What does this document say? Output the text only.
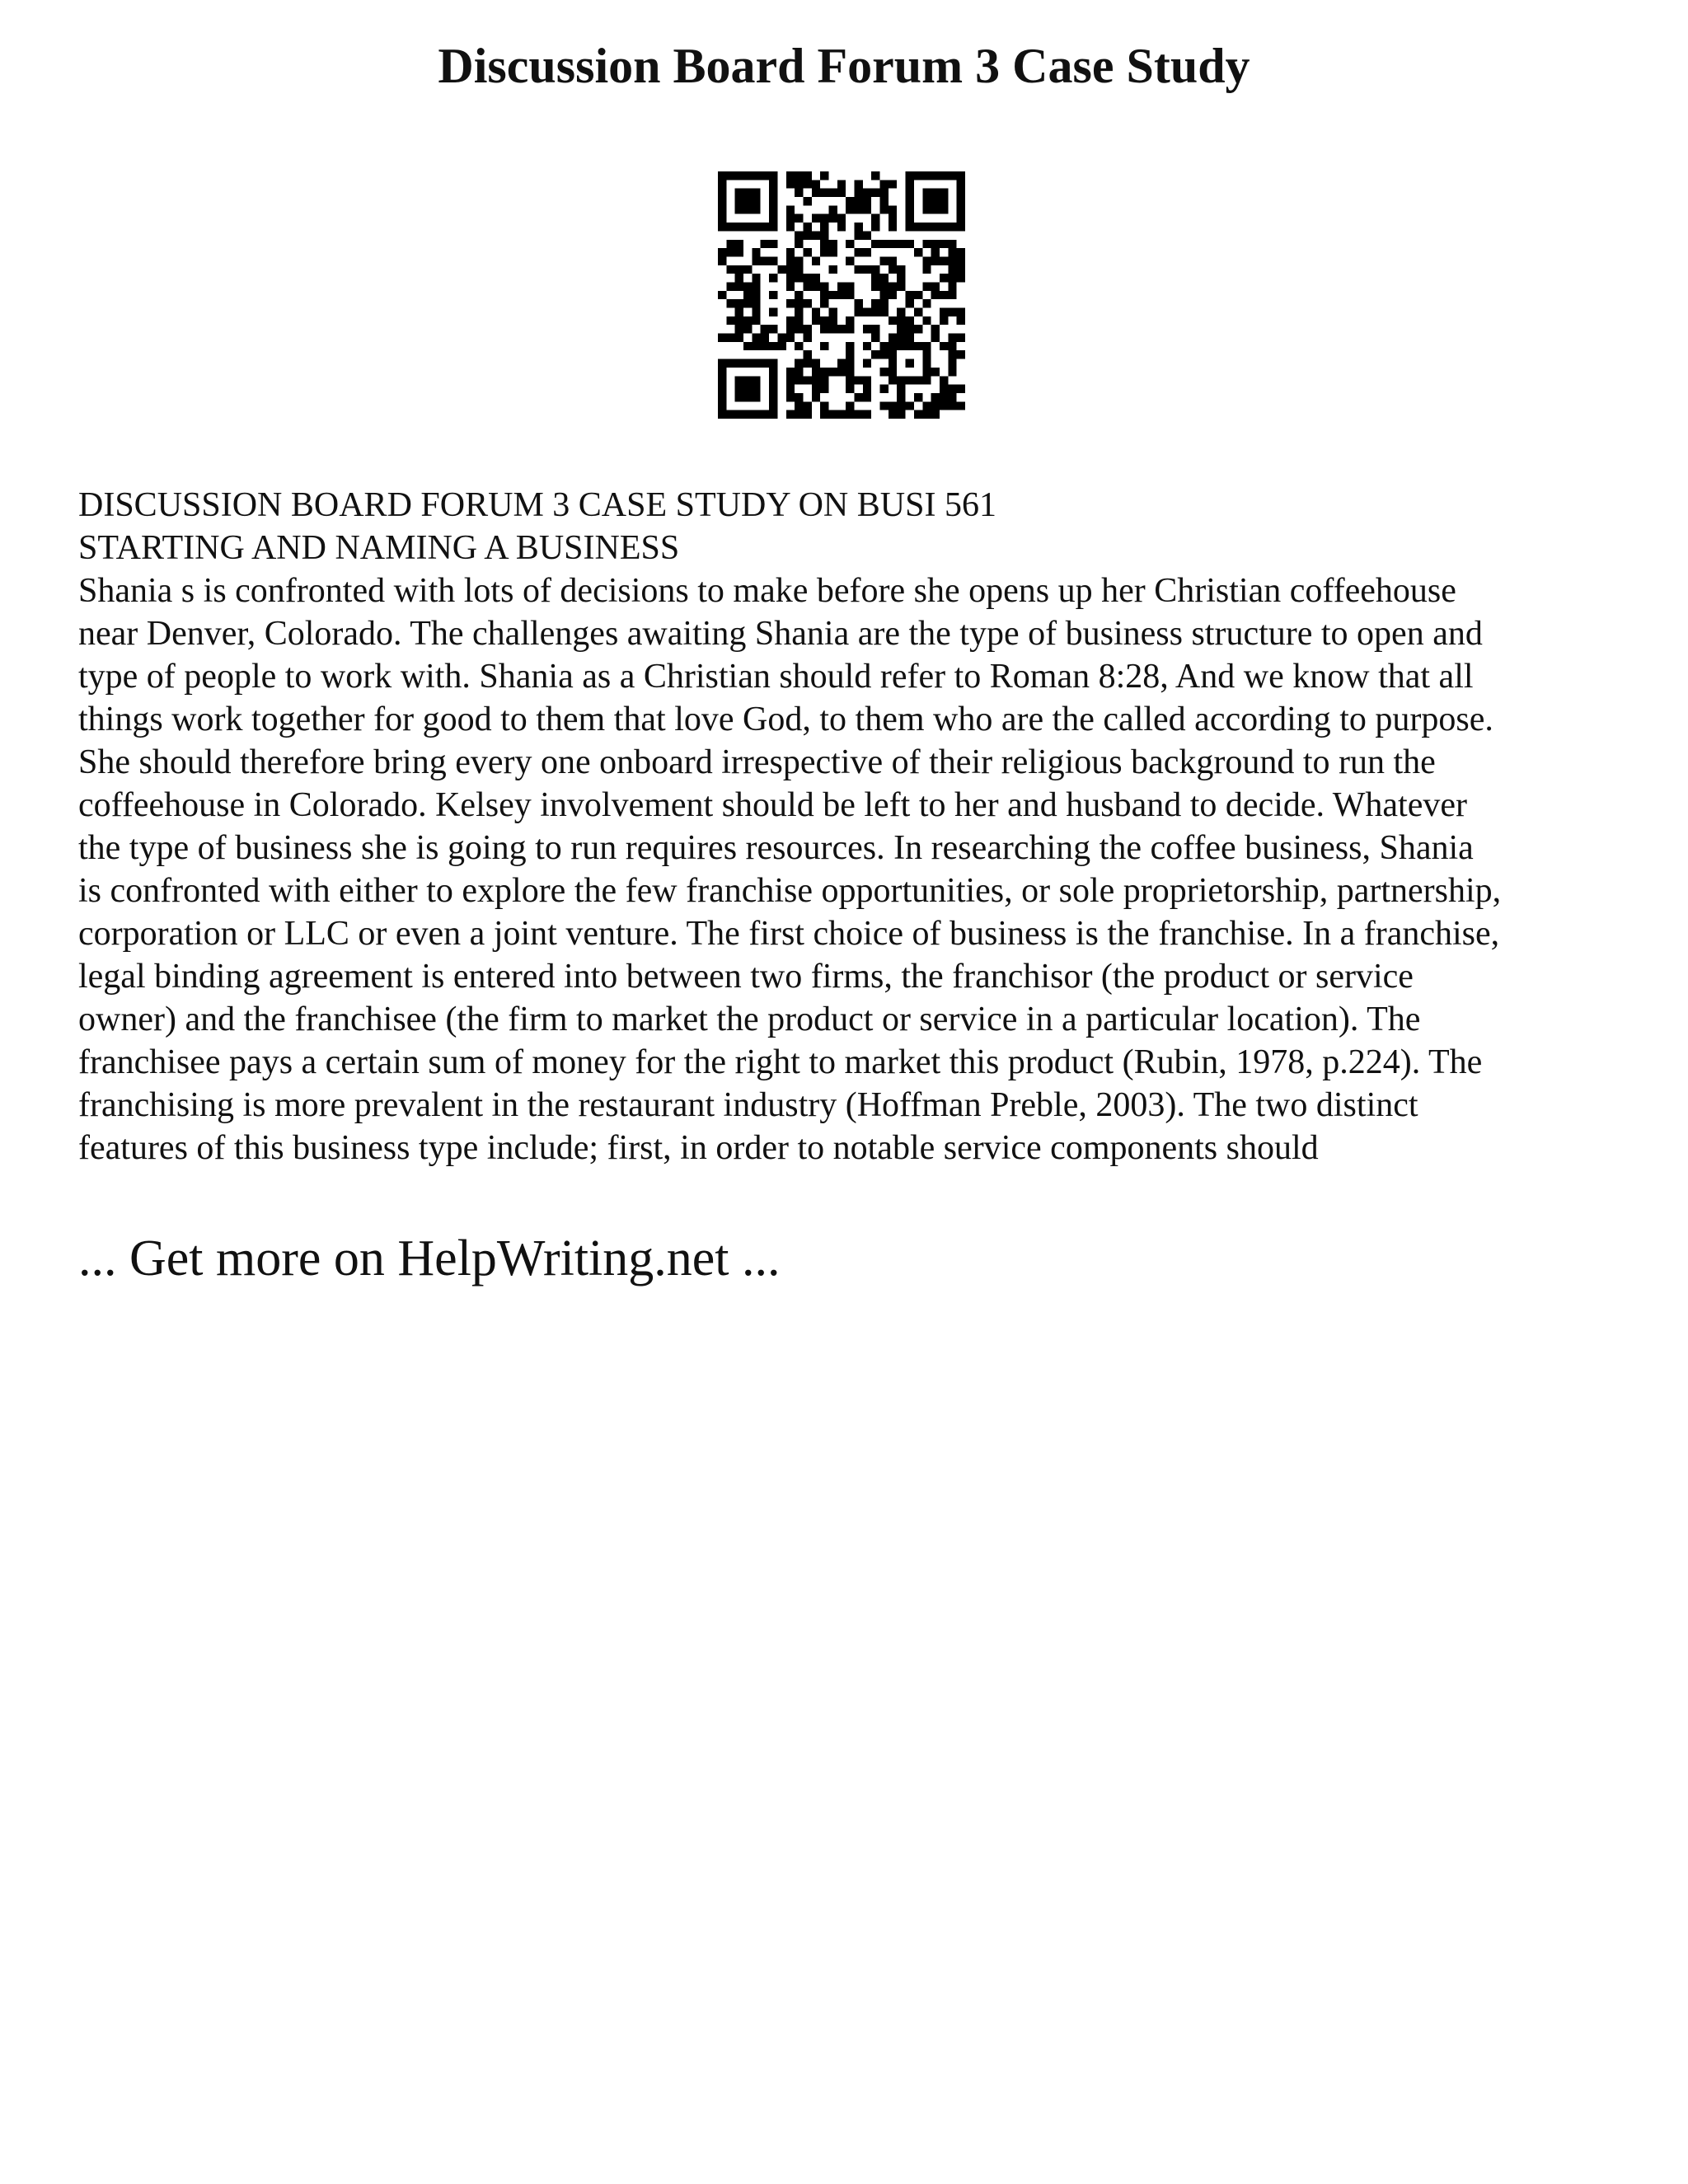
Discussion Board Forum 3 Case Study
DISCUSSION BOARD FORUM 3 CASE STUDY ON BUSI 561
STARTING AND NAMING A BUSINESS
Shania s is confronted with lots of decisions to make before she opens up her Christian coffeehouse
near Denver, Colorado. The challenges awaiting Shania are the type of business structure to open and
type of people to work with. Shania as a Christian should refer to Roman 8:28, And we know that all
things work together for good to them that love God, to them who are the called according to purpose.
She should therefore bring every one onboard irrespective of their religious background to run the
coffeehouse in Colorado. Kelsey involvement should be left to her and husband to decide. Whatever
the type of business she is going to run requires resources. In researching the coffee business, Shania
is confronted with either to explore the few franchise opportunities, or sole proprietorship, partnership,
corporation or LLC or even a joint venture. The first choice of business is the franchise. In a franchise,
legal binding agreement is entered into between two firms, the franchisor (the product or service
owner) and the franchisee (the firm to market the product or service in a particular location). The
franchisee pays a certain sum of money for the right to market this product (Rubin, 1978, p.224). The
franchising is more prevalent in the restaurant industry (Hoffman Preble, 2003). The two distinct
features of this business type include; first, in order to notable service components should
... Get more on HelpWriting.net ...
